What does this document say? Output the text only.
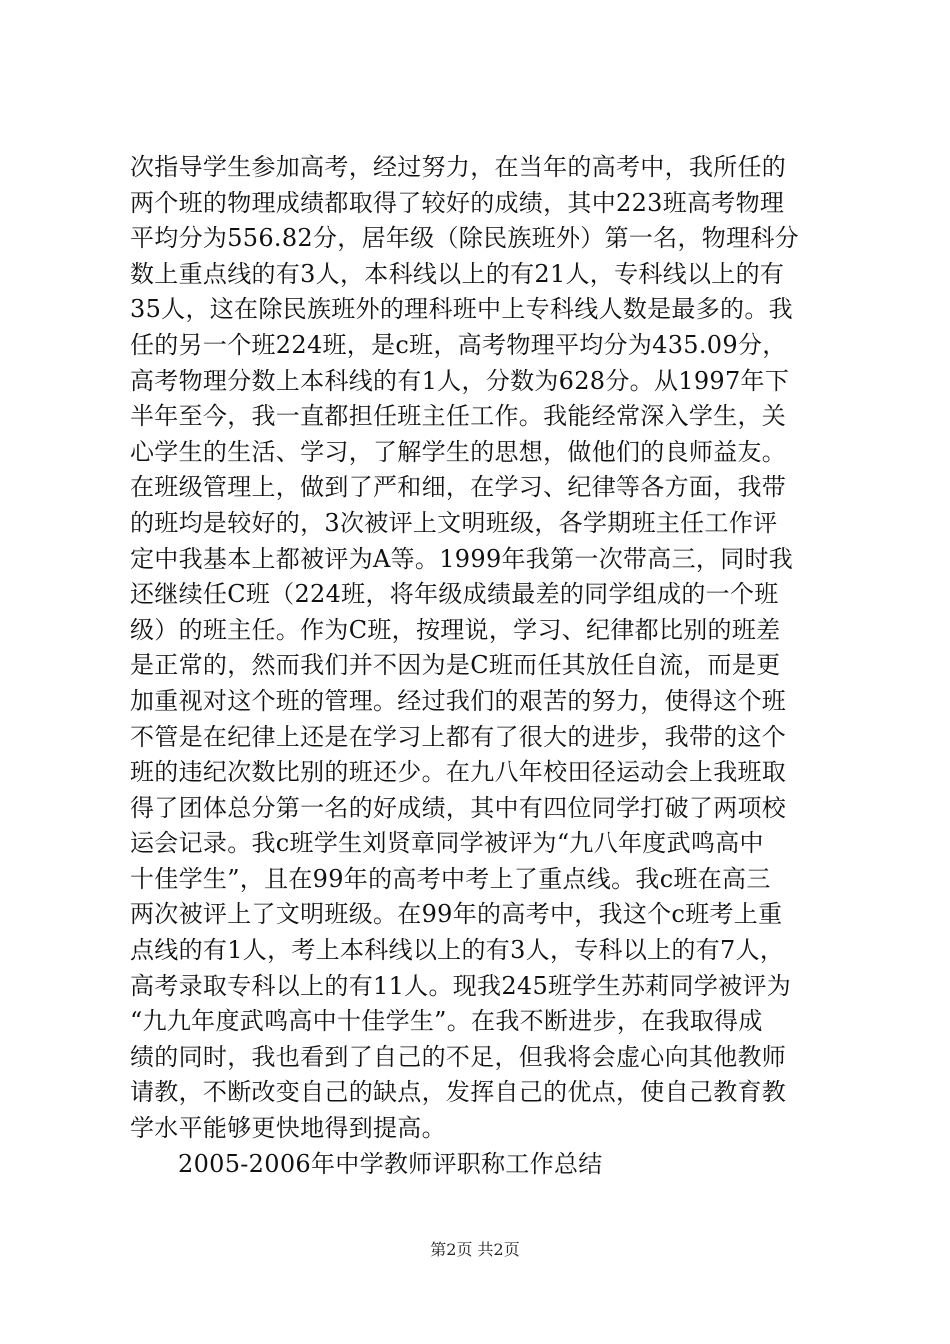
次指导学生参加高考，经过努力，在当年的高考中，我所任的
两个班的物理成绩都取得了较好的成绩，其中223班高考物理
平均分为556.82分，居年级（除民族班外）第一名，物理科分
数上重点线的有3人，本科线以上的有21人，专科线以上的有
35人，这在除民族班外的理科班中上专科线人数是最多的。我
任的另一个班224班，是c班，高考物理平均分为435.09分，
高考物理分数上本科线的有1人，分数为628分。从1997年下
半年至今，我一直都担任班主任工作。我能经常深入学生，关
心学生的生活、学习，了解学生的思想，做他们的良师益友。
在班级管理上，做到了严和细，在学习、纪律等各方面，我带
的班均是较好的，3次被评上文明班级，各学期班主任工作评
定中我基本上都被评为A等。1999年我第一次带高三，同时我
还继续任C班（224班，将年级成绩最差的同学组成的一个班
级）的班主任。作为C班，按理说，学习、纪律都比别的班差
是正常的，然而我们并不因为是C班而任其放任自流，而是更
加重视对这个班的管理。经过我们的艰苦的努力，使得这个班
不管是在纪律上还是在学习上都有了很大的进步，我带的这个
班的违纪次数比别的班还少。在九八年校田径运动会上我班取
得了团体总分第一名的好成绩，其中有四位同学打破了两项校
运会记录。我c班学生刘贤章同学被评为“九八年度武鸣高中
十佳学生”，且在99年的高考中考上了重点线。我c班在高三
两次被评上了文明班级。在99年的高考中，我这个c班考上重
点线的有1人，考上本科线以上的有3人，专科以上的有7人，
高考录取专科以上的有11人。现我245班学生苏莉同学被评为
“九九年度武鸣高中十佳学生”。在我不断进步，在我取得成
绩的同时，我也看到了自己的不足，但我将会虚心向其他教师
请教，不断改变自己的缺点，发挥自己的优点，使自己教育教
学水平能够更快地得到提高。
2005-2006年中学教师评职称工作总结
第2页 共2页
